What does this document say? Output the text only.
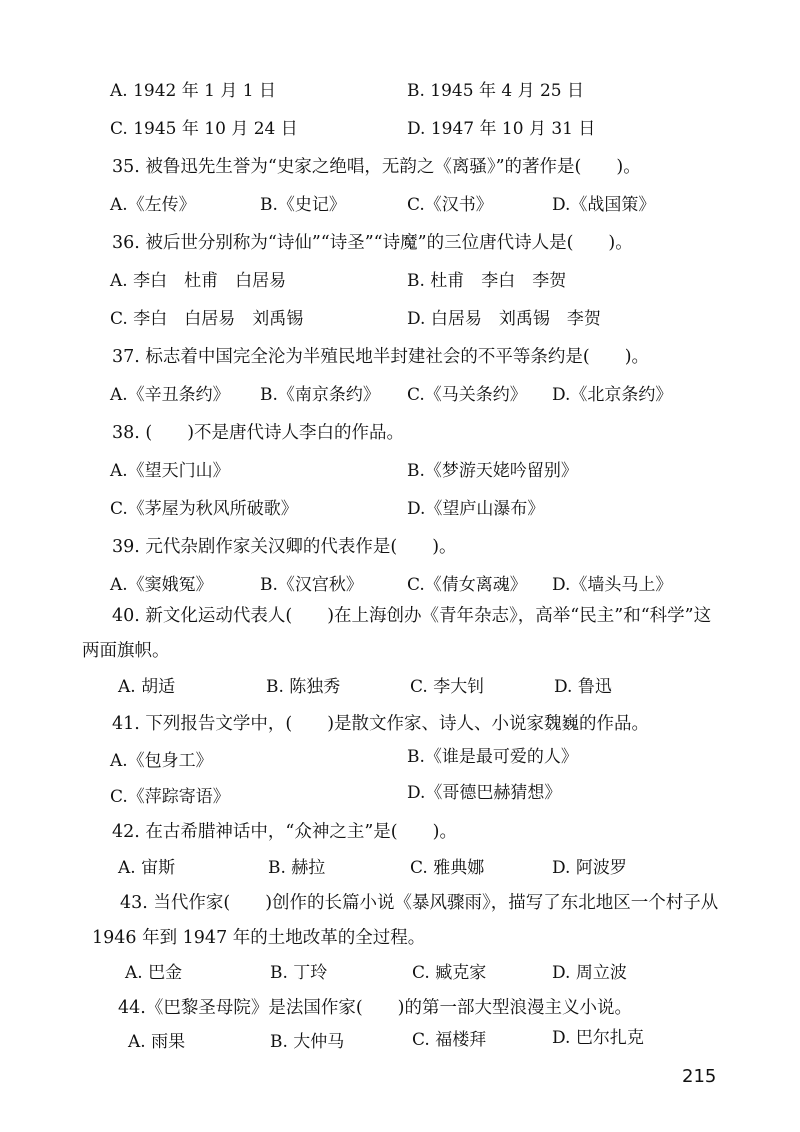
A. 1942 年 1 月 1 日	B. 1945 年 4 月 25 日
C. 1945 年 10 月 24 日	D. 1947 年 10 月 31 日
35. 被鲁迅先生誉为“史家之绝唱，无韵之《离骚》”的著作是(　　)。
A.《左传》	B.《史记》	C.《汉书》	D.《战国策》
36. 被后世分别称为“诗仙”“诗圣”“诗魔”的三位唐代诗人是(　　)。
A. 李白　杜甫　白居易	B. 杜甫　李白　李贺
C. 李白　白居易　刘禹锡	D. 白居易　刘禹锡　李贺
37. 标志着中国完全沦为半殖民地半封建社会的不平等条约是(　　)。
A.《辛丑条约》 B.《南京条约》 C.《马关条约》 D.《北京条约》
38. (　　)不是唐代诗人李白的作品。
A.《望天门山》	B.《梦游天姥吟留别》
C.《茅屋为秋风所破歌》	D.《望庐山瀑布》
39. 元代杂剧作家关汉卿的代表作是(　　)。
A.《窦娥冤》	B.《汉宫秋》	C.《倩女离魂》 D.《墙头马上》
40. 新文化运动代表人(　　)在上海创办《青年杂志》，高举“民主”和“科学”这
两面旗帜。
A. 胡适	B. 陈独秀	C. 李大钊	D. 鲁迅
41. 下列报告文学中，(　　)是散文作家、诗人、小说家魏巍的作品。
A.《包身工》	B.《谁是最可爱的人》
C.《萍踪寄语》	D.《哥德巴赫猜想》
42. 在古希腊神话中，“众神之主”是(　　)。
A. 宙斯	B. 赫拉	C. 雅典娜	D. 阿波罗
43. 当代作家(　　)创作的长篇小说《暴风骤雨》，描写了东北地区一个村子从
1946 年到 1947 年的土地改革的全过程。
A. 巴金	B. 丁玲	C. 臧克家	D. 周立波
44.《巴黎圣母院》是法国作家(　　)的第一部大型浪漫主义小说。
A. 雨果	B. 大仲马	C. 福楼拜	D. 巴尔扎克
215
